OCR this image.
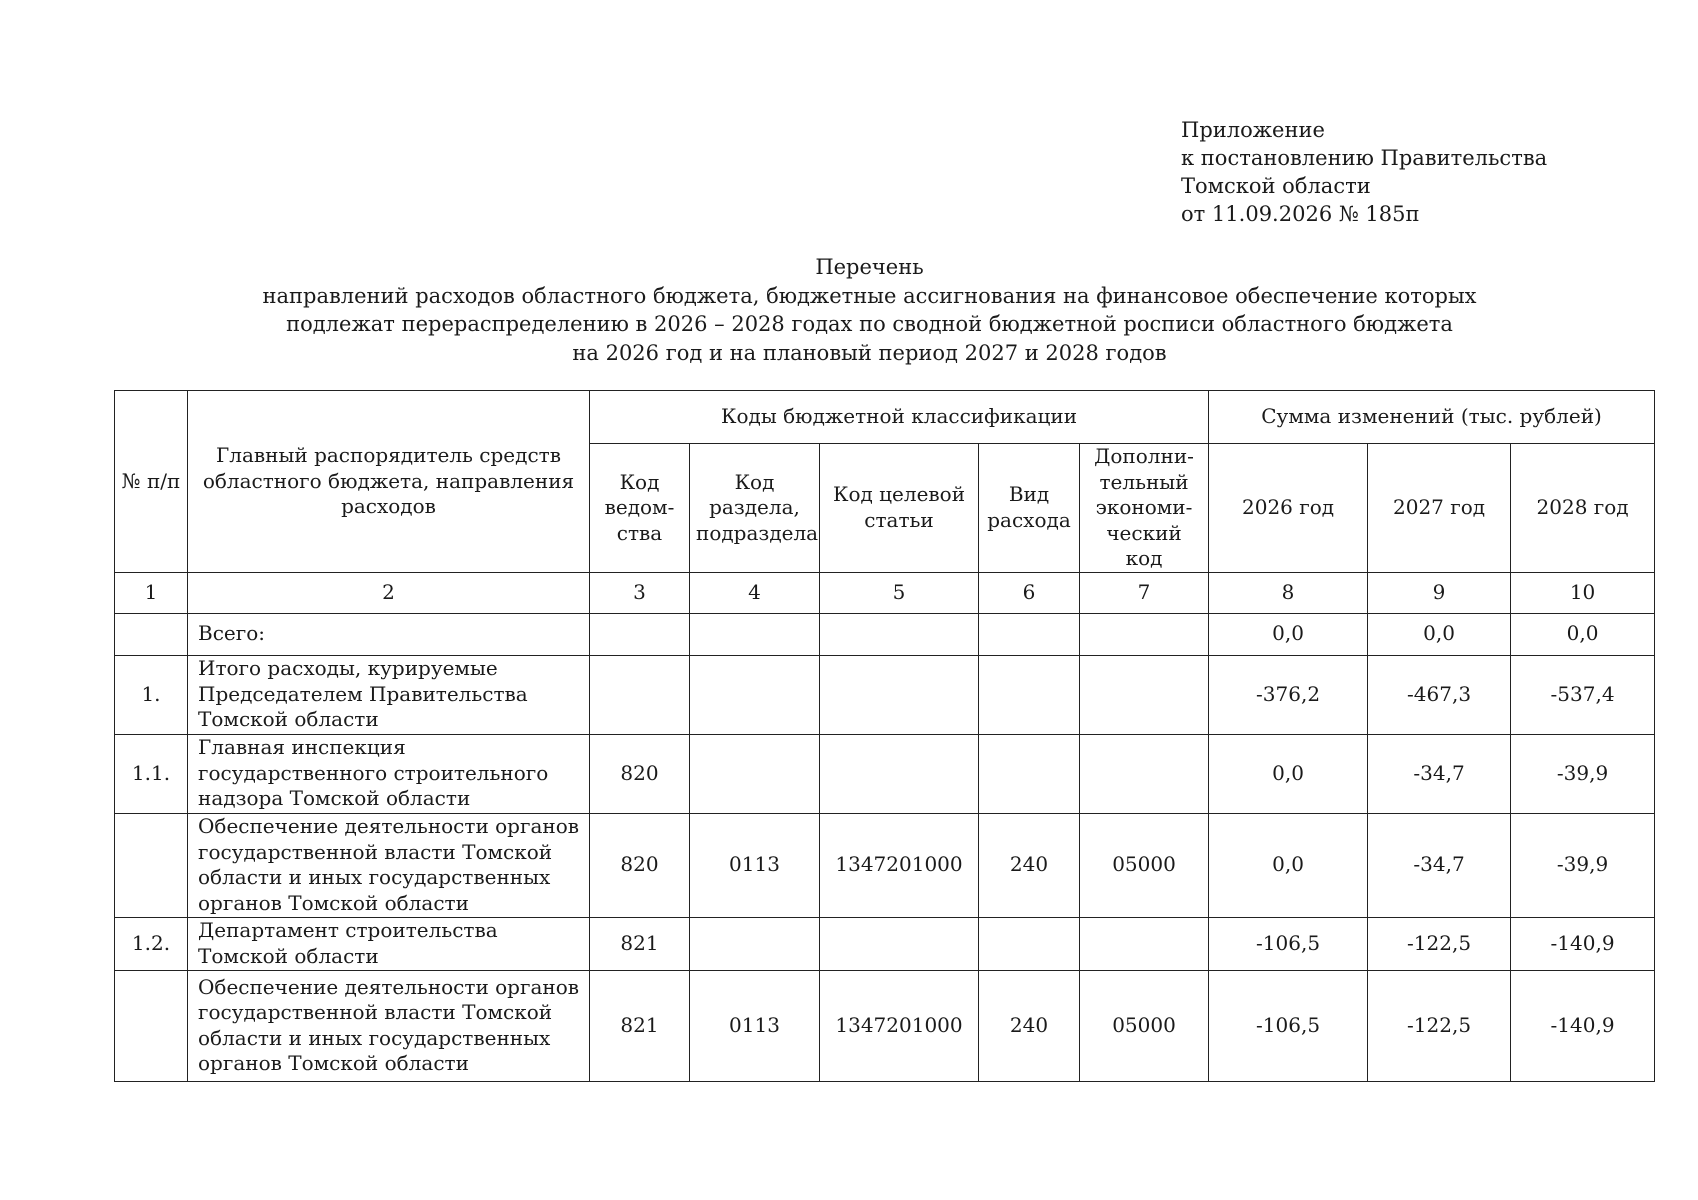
Приложение
к постановлению Правительства
Томской области
от 11.09.2026 № 185п
Перечень
направлений расходов областного бюджета, бюджетные ассигнования на финансовое обеспечение которых
подлежат перераспределению в 2026 – 2028 годах по сводной бюджетной росписи областного бюджета
на 2026 год и на плановый период 2027 и 2028 годов
№ п/п	Главный распорядитель средств областного бюджета, направления расходов	Коды бюджетной классификации					Сумма изменений (тыс. рублей)		
		Код ведом-ства	Код раздела, подраздела	Код целевой статьи	Вид расхода	Дополни-тельный экономи-ческий код	2026 год	2027 год	2028 год
1	2	3	4	5	6	7	8	9	10
	Всего:						0,0	0,0	0,0
1.	Итого расходы, курируемые Председателем Правительства Томской области						-376,2	-467,3	-537,4
1.1.	Главная инспекция государственного строительного надзора Томской области	820					0,0	-34,7	-39,9
	Обеспечение деятельности органов государственной власти Томской области и иных государственных органов Томской области	820	0113	1347201000	240	05000	0,0	-34,7	-39,9
1.2.	Департамент строительства Томской области	821					-106,5	-122,5	-140,9
	Обеспечение деятельности органов государственной власти Томской области и иных государственных органов Томской области	821	0113	1347201000	240	05000	-106,5	-122,5	-140,9
